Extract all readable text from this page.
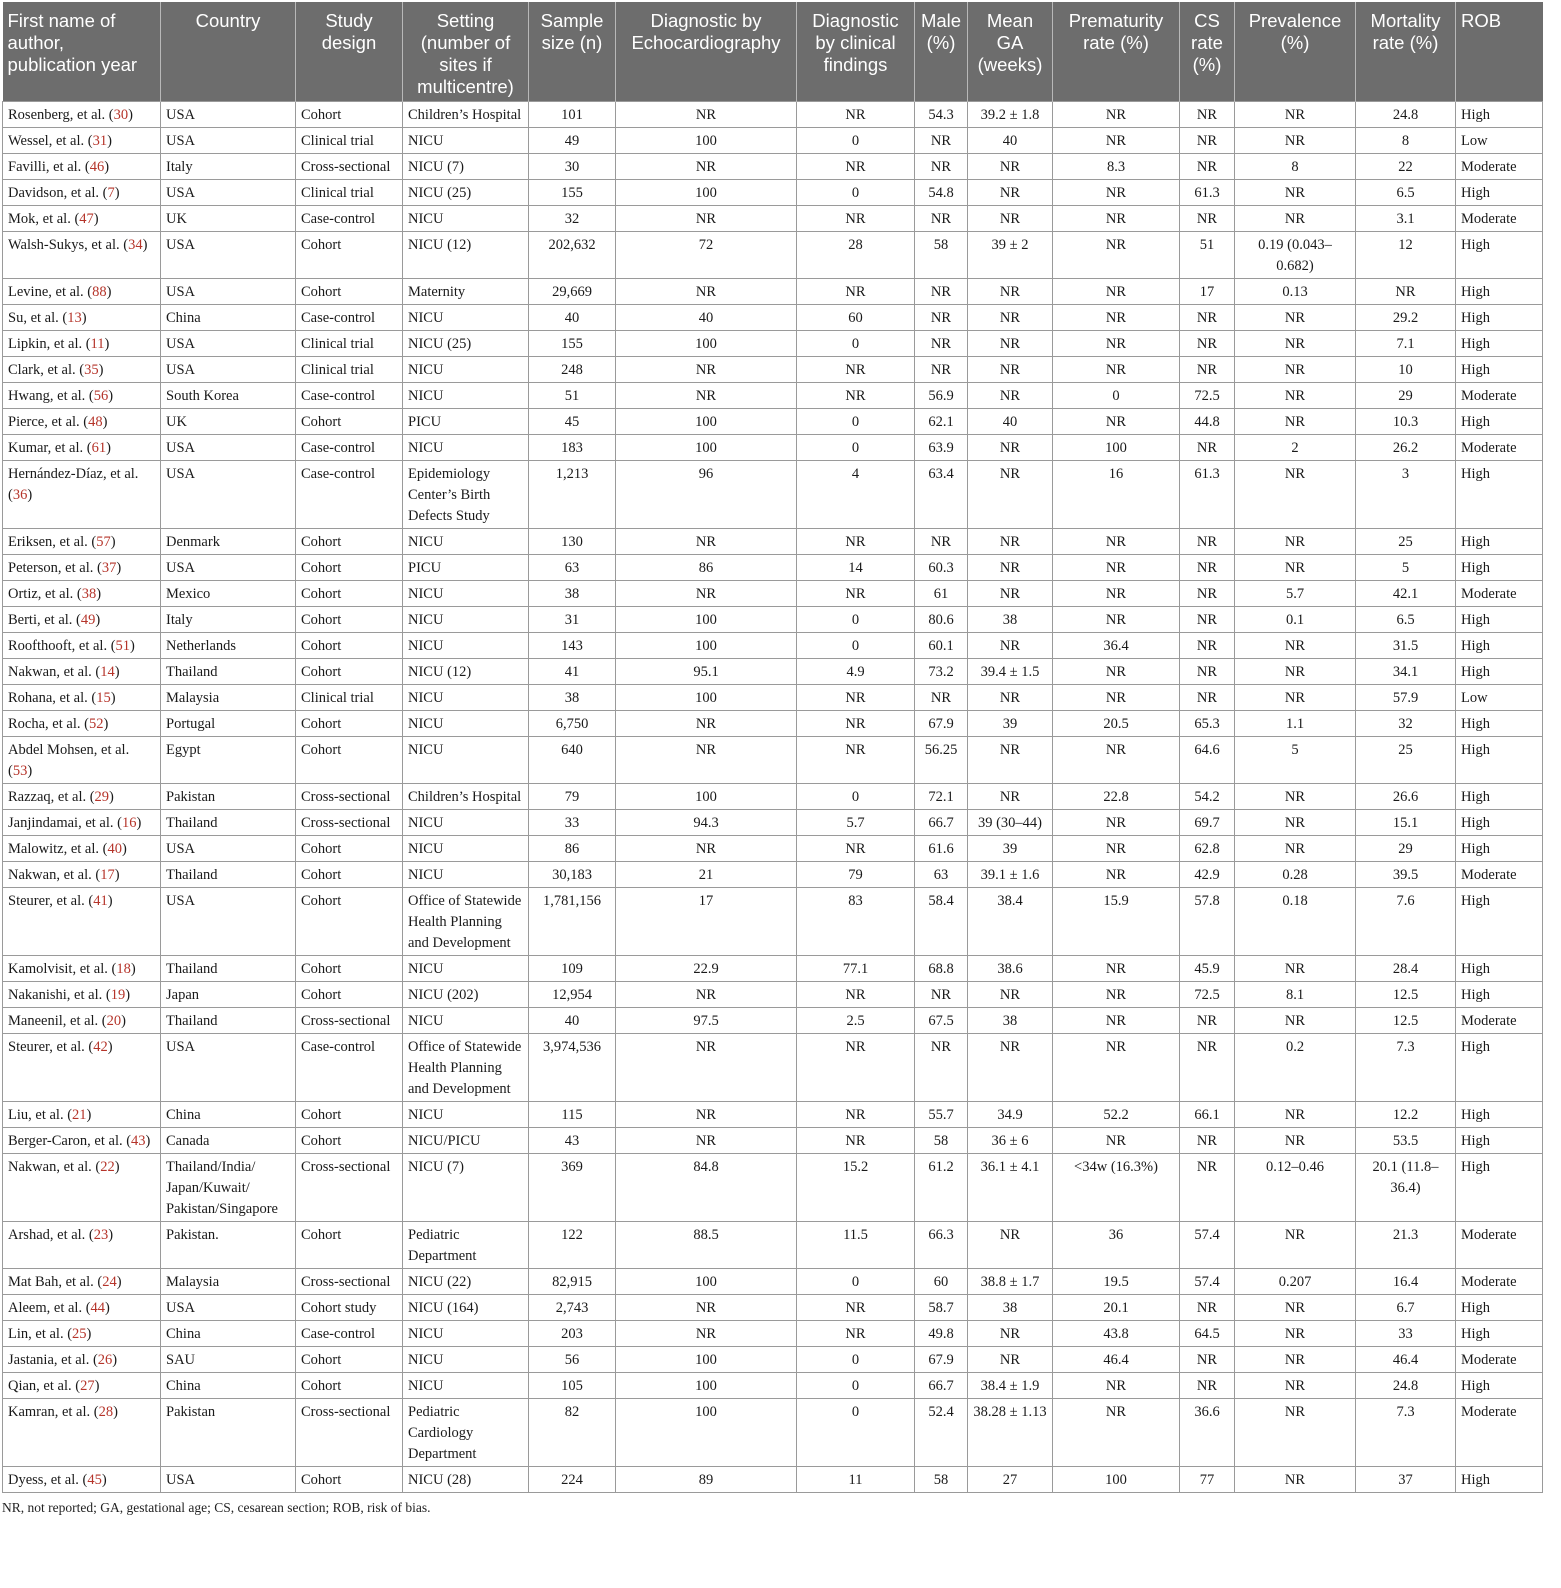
First name of author, publication year	Country	Study design	Setting (number of sites if multicentre)	Sample size (n)	Diagnostic by Echocardiography	Diagnostic by clinical findings	Male (%)	Mean GA (weeks)	Prematurity rate (%)	CS rate (%)	Prevalence (%)	Mortality rate (%)	ROB
Rosenberg, et al. (30)	USA	Cohort	Children’s Hospital	101	NR	NR	54.3	39.2 ± 1.8	NR	NR	NR	24.8	High
Wessel, et al. (31)	USA	Clinical trial	NICU	49	100	0	NR	40	NR	NR	NR	8	Low
Favilli, et al. (46)	Italy	Cross-sectional	NICU (7)	30	NR	NR	NR	NR	8.3	NR	8	22	Moderate
Davidson, et al. (7)	USA	Clinical trial	NICU (25)	155	100	0	54.8	NR	NR	61.3	NR	6.5	High
Mok, et al. (47)	UK	Case-control	NICU	32	NR	NR	NR	NR	NR	NR	NR	3.1	Moderate
Walsh-Sukys, et al. (34)	USA	Cohort	NICU (12)	202,632	72	28	58	39 ± 2	NR	51	0.19 (0.043–0.682)	12	High
Levine, et al. (88)	USA	Cohort	Maternity	29,669	NR	NR	NR	NR	NR	17	0.13	NR	High
Su, et al. (13)	China	Case-control	NICU	40	40	60	NR	NR	NR	NR	NR	29.2	High
Lipkin, et al. (11)	USA	Clinical trial	NICU (25)	155	100	0	NR	NR	NR	NR	NR	7.1	High
Clark, et al. (35)	USA	Clinical trial	NICU	248	NR	NR	NR	NR	NR	NR	NR	10	High
Hwang, et al. (56)	South Korea	Case-control	NICU	51	NR	NR	56.9	NR	0	72.5	NR	29	Moderate
Pierce, et al. (48)	UK	Cohort	PICU	45	100	0	62.1	40	NR	44.8	NR	10.3	High
Kumar, et al. (61)	USA	Case-control	NICU	183	100	0	63.9	NR	100	NR	2	26.2	Moderate
Hernández-Díaz, et al. (36)	USA	Case-control	Epidemiology Center’s Birth Defects Study	1,213	96	4	63.4	NR	16	61.3	NR	3	High
Eriksen, et al. (57)	Denmark	Cohort	NICU	130	NR	NR	NR	NR	NR	NR	NR	25	High
Peterson, et al. (37)	USA	Cohort	PICU	63	86	14	60.3	NR	NR	NR	NR	5	High
Ortiz, et al. (38)	Mexico	Cohort	NICU	38	NR	NR	61	NR	NR	NR	5.7	42.1	Moderate
Berti, et al. (49)	Italy	Cohort	NICU	31	100	0	80.6	38	NR	NR	0.1	6.5	High
Roofthooft, et al. (51)	Netherlands	Cohort	NICU	143	100	0	60.1	NR	36.4	NR	NR	31.5	High
Nakwan, et al. (14)	Thailand	Cohort	NICU (12)	41	95.1	4.9	73.2	39.4 ± 1.5	NR	NR	NR	34.1	High
Rohana, et al. (15)	Malaysia	Clinical trial	NICU	38	100	NR	NR	NR	NR	NR	NR	57.9	Low
Rocha, et al. (52)	Portugal	Cohort	NICU	6,750	NR	NR	67.9	39	20.5	65.3	1.1	32	High
Abdel Mohsen, et al. (53)	Egypt	Cohort	NICU	640	NR	NR	56.25	NR	NR	64.6	5	25	High
Razzaq, et al. (29)	Pakistan	Cross-sectional	Children’s Hospital	79	100	0	72.1	NR	22.8	54.2	NR	26.6	High
Janjindamai, et al. (16)	Thailand	Cross-sectional	NICU	33	94.3	5.7	66.7	39 (30–44)	NR	69.7	NR	15.1	High
Malowitz, et al. (40)	USA	Cohort	NICU	86	NR	NR	61.6	39	NR	62.8	NR	29	High
Nakwan, et al. (17)	Thailand	Cohort	NICU	30,183	21	79	63	39.1 ± 1.6	NR	42.9	0.28	39.5	Moderate
Steurer, et al. (41)	USA	Cohort	Office of Statewide Health Planning and Development	1,781,156	17	83	58.4	38.4	15.9	57.8	0.18	7.6	High
Kamolvisit, et al. (18)	Thailand	Cohort	NICU	109	22.9	77.1	68.8	38.6	NR	45.9	NR	28.4	High
Nakanishi, et al. (19)	Japan	Cohort	NICU (202)	12,954	NR	NR	NR	NR	NR	72.5	8.1	12.5	High
Maneenil, et al. (20)	Thailand	Cross-sectional	NICU	40	97.5	2.5	67.5	38	NR	NR	NR	12.5	Moderate
Steurer, et al. (42)	USA	Case-control	Office of Statewide Health Planning and Development	3,974,536	NR	NR	NR	NR	NR	NR	0.2	7.3	High
Liu, et al. (21)	China	Cohort	NICU	115	NR	NR	55.7	34.9	52.2	66.1	NR	12.2	High
Berger-Caron, et al. (43)	Canada	Cohort	NICU/PICU	43	NR	NR	58	36 ± 6	NR	NR	NR	53.5	High
Nakwan, et al. (22)	Thailand/India/ Japan/Kuwait/ Pakistan/Singapore	Cross-sectional	NICU (7)	369	84.8	15.2	61.2	36.1 ± 4.1	<34w (16.3%)	NR	0.12–0.46	20.1 (11.8–36.4)	High
Arshad, et al. (23)	Pakistan.	Cohort	Pediatric Department	122	88.5	11.5	66.3	NR	36	57.4	NR	21.3	Moderate
Mat Bah, et al. (24)	Malaysia	Cross-sectional	NICU (22)	82,915	100	0	60	38.8 ± 1.7	19.5	57.4	0.207	16.4	Moderate
Aleem, et al. (44)	USA	Cohort study	NICU (164)	2,743	NR	NR	58.7	38	20.1	NR	NR	6.7	High
Lin, et al. (25)	China	Case-control	NICU	203	NR	NR	49.8	NR	43.8	64.5	NR	33	High
Jastania, et al. (26)	SAU	Cohort	NICU	56	100	0	67.9	NR	46.4	NR	NR	46.4	Moderate
Qian, et al. (27)	China	Cohort	NICU	105	100	0	66.7	38.4 ± 1.9	NR	NR	NR	24.8	High
Kamran, et al. (28)	Pakistan	Cross-sectional	Pediatric Cardiology Department	82	100	0	52.4	38.28 ± 1.13	NR	36.6	NR	7.3	Moderate
Dyess, et al. (45)	USA	Cohort	NICU (28)	224	89	11	58	27	100	77	NR	37	High
NR, not reported; GA, gestational age; CS, cesarean section; ROB, risk of bias.
